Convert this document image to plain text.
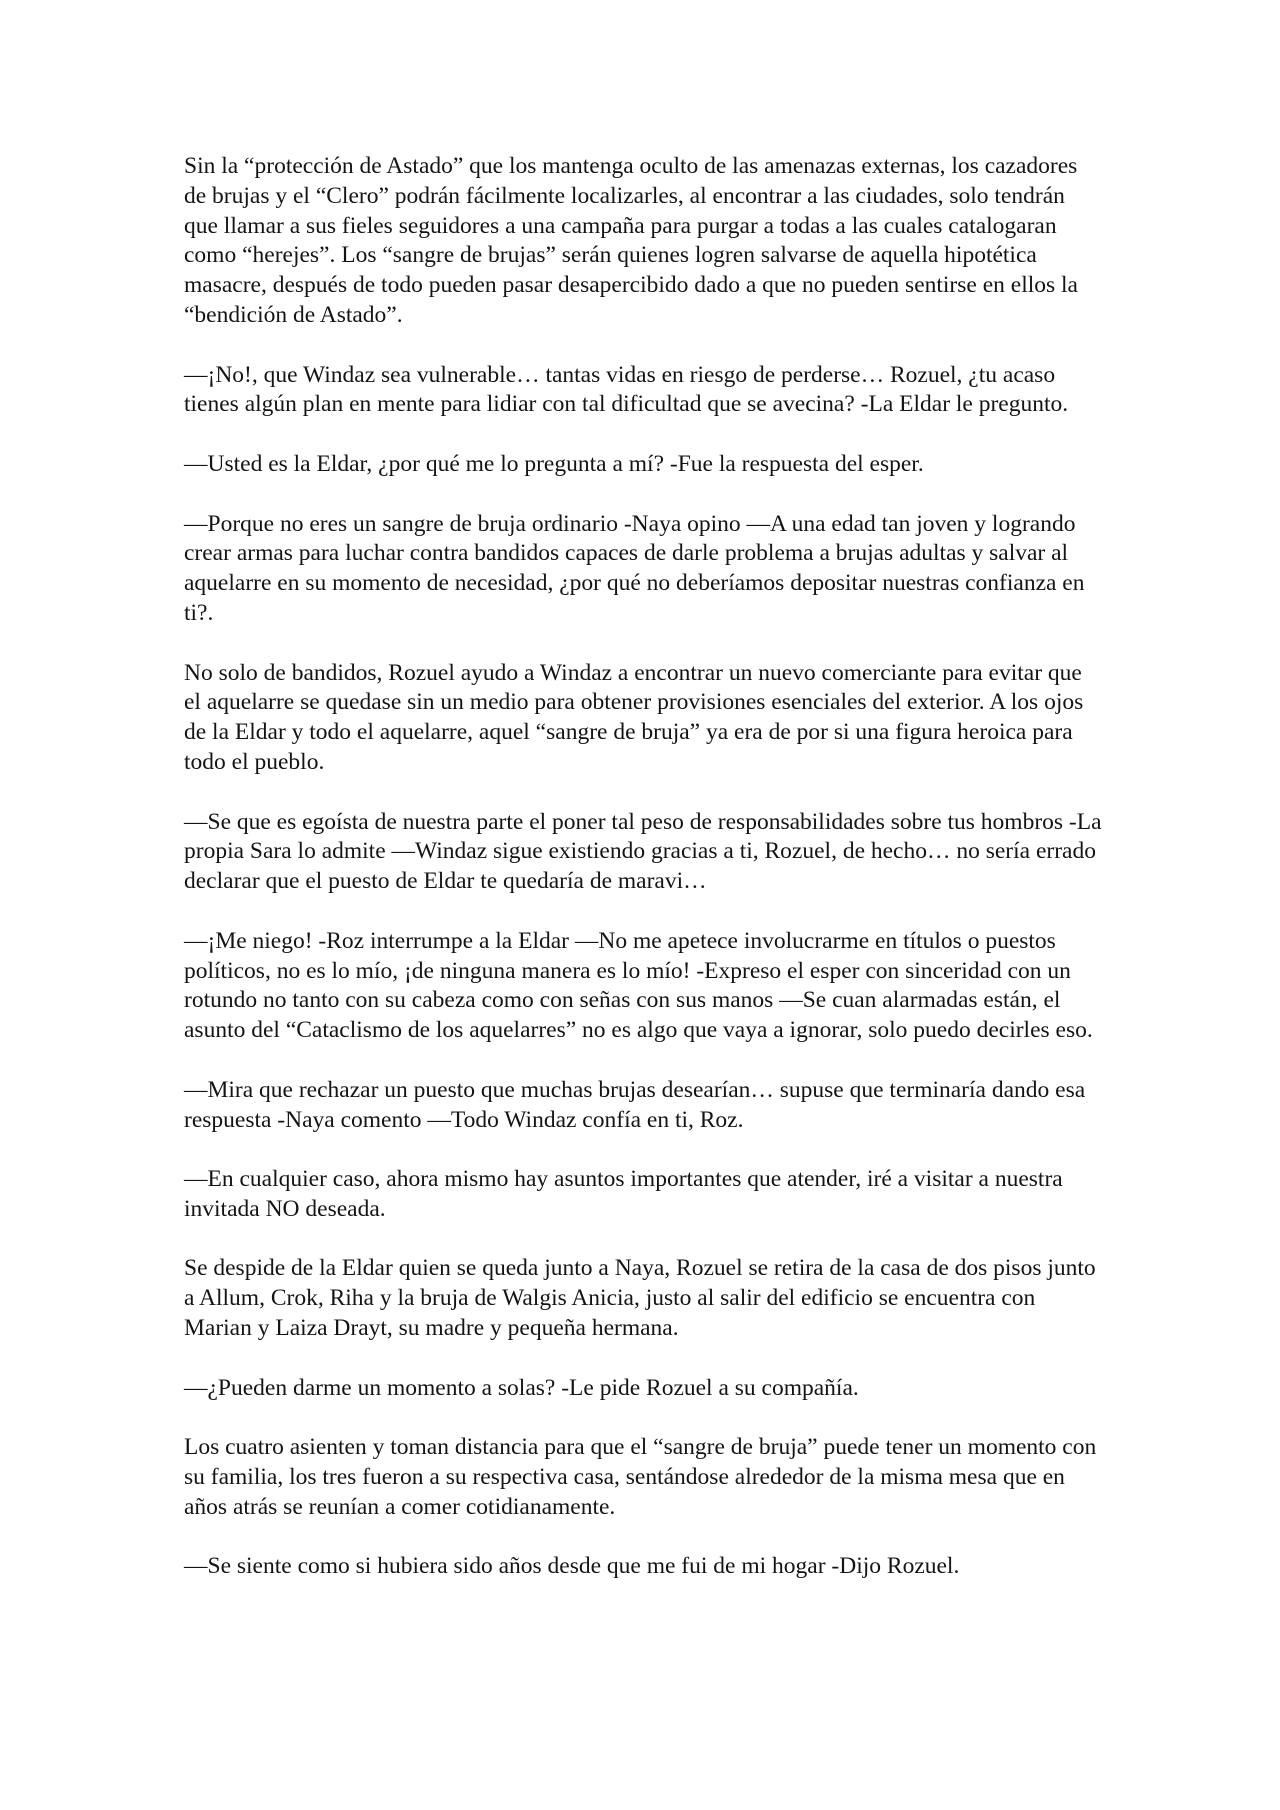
Sin la “protección de Astado” que los mantenga oculto de las amenazas externas, los cazadores de brujas y el “Clero” podrán fácilmente localizarles, al encontrar a las ciudades, solo tendrán que llamar a sus fieles seguidores a una campaña para purgar a todas a las cuales catalogaran como “herejes”. Los “sangre de brujas” serán quienes logren salvarse de aquella hipotética masacre, después de todo pueden pasar desapercibido dado a que no pueden sentirse en ellos la “bendición de Astado”.

—¡No!, que Windaz sea vulnerable… tantas vidas en riesgo de perderse… Rozuel, ¿tu acaso tienes algún plan en mente para lidiar con tal dificultad que se avecina? -La Eldar le pregunto.

—Usted es la Eldar, ¿por qué me lo pregunta a mí? -Fue la respuesta del esper.

—Porque no eres un sangre de bruja ordinario -Naya opino —A una edad tan joven y logrando crear armas para luchar contra bandidos capaces de darle problema a brujas adultas y salvar al aquelarre en su momento de necesidad, ¿por qué no deberíamos depositar nuestras confianza en ti?.

No solo de bandidos, Rozuel ayudo a Windaz a encontrar un nuevo comerciante para evitar que el aquelarre se quedase sin un medio para obtener provisiones esenciales del exterior. A los ojos de la Eldar y todo el aquelarre, aquel “sangre de bruja” ya era de por si una figura heroica para todo el pueblo.

—Se que es egoísta de nuestra parte el poner tal peso de responsabilidades sobre tus hombros -La propia Sara lo admite —Windaz sigue existiendo gracias a ti, Rozuel, de hecho… no sería errado declarar que el puesto de Eldar te quedaría de maravi…

—¡Me niego! -Roz interrumpe a la Eldar —No me apetece involucrarme en títulos o puestos políticos, no es lo mío, ¡de ninguna manera es lo mío! -Expreso el esper con sinceridad con un rotundo no tanto con su cabeza como con señas con sus manos —Se cuan alarmadas están, el asunto del “Cataclismo de los aquelarres” no es algo que vaya a ignorar, solo puedo decirles eso.

—Mira que rechazar un puesto que muchas brujas desearían… supuse que terminaría dando esa respuesta -Naya comento —Todo Windaz confía en ti, Roz.

—En cualquier caso, ahora mismo hay asuntos importantes que atender, iré a visitar a nuestra invitada NO deseada.

Se despide de la Eldar quien se queda junto a Naya, Rozuel se retira de la casa de dos pisos junto a Allum, Crok, Riha y la bruja de Walgis Anicia, justo al salir del edificio se encuentra con Marian y Laiza Drayt, su madre y pequeña hermana.

—¿Pueden darme un momento a solas? -Le pide Rozuel a su compañía.

Los cuatro asienten y toman distancia para que el “sangre de bruja” puede tener un momento con su familia, los tres fueron a su respectiva casa, sentándose alrededor de la misma mesa que en años atrás se reunían a comer cotidianamente.

—Se siente como si hubiera sido años desde que me fui de mi hogar -Dijo Rozuel.
